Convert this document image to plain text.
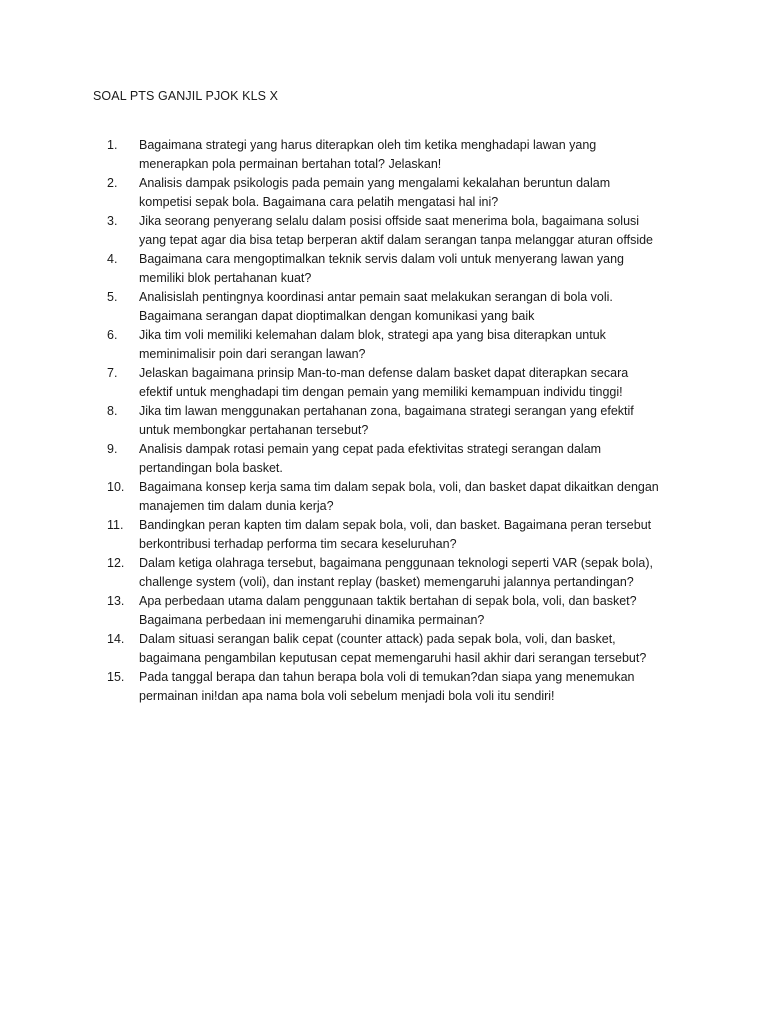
SOAL PTS GANJIL PJOK KLS X
1.	Bagaimana strategi yang harus diterapkan oleh tim ketika menghadapi lawan yang
menerapkan pola permainan bertahan total? Jelaskan!
2.	Analisis dampak psikologis pada pemain yang mengalami kekalahan beruntun dalam
kompetisi sepak bola. Bagaimana cara pelatih mengatasi hal ini?
3.	Jika seorang penyerang selalu dalam posisi offside saat menerima bola, bagaimana solusi
yang tepat agar dia bisa tetap berperan aktif dalam serangan tanpa melanggar aturan offside
4.	Bagaimana cara mengoptimalkan teknik servis dalam voli untuk menyerang lawan yang
memiliki blok pertahanan kuat?
5.	Analisislah pentingnya koordinasi antar pemain saat melakukan serangan di bola voli.
Bagaimana serangan dapat dioptimalkan dengan komunikasi yang baik
6.	Jika tim voli memiliki kelemahan dalam blok, strategi apa yang bisa diterapkan untuk
meminimalisir poin dari serangan lawan?
7.	Jelaskan bagaimana prinsip Man-to-man defense dalam basket dapat diterapkan secara
efektif untuk menghadapi tim dengan pemain yang memiliki kemampuan individu tinggi!
8.	Jika tim lawan menggunakan pertahanan zona, bagaimana strategi serangan yang efektif
untuk membongkar pertahanan tersebut?
9.	Analisis dampak rotasi pemain yang cepat pada efektivitas strategi serangan dalam
pertandingan bola basket.
10.	Bagaimana konsep kerja sama tim dalam sepak bola, voli, dan basket dapat dikaitkan dengan
manajemen tim dalam dunia kerja?
11.	Bandingkan peran kapten tim dalam sepak bola, voli, dan basket. Bagaimana peran tersebut
berkontribusi terhadap performa tim secara keseluruhan?
12.	Dalam ketiga olahraga tersebut, bagaimana penggunaan teknologi seperti VAR (sepak bola),
challenge system (voli), dan instant replay (basket) memengaruhi jalannya pertandingan?
13.	Apa perbedaan utama dalam penggunaan taktik bertahan di sepak bola, voli, dan basket?
Bagaimana perbedaan ini memengaruhi dinamika permainan?
14.	Dalam situasi serangan balik cepat (counter attack) pada sepak bola, voli, dan basket,
bagaimana pengambilan keputusan cepat memengaruhi hasil akhir dari serangan tersebut?
15.	Pada tanggal berapa dan tahun berapa bola voli di temukan?dan siapa yang menemukan
permainan ini!dan apa nama bola voli sebelum menjadi bola voli itu sendiri!
